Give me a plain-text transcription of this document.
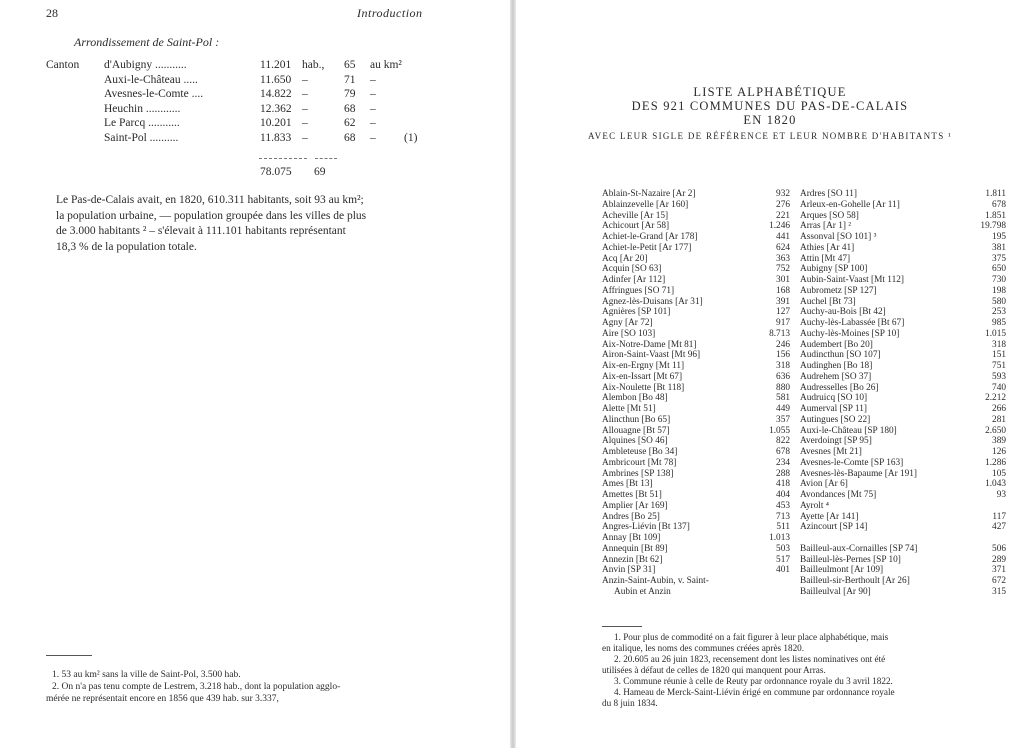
28	Introduction
Arrondissement de Saint-Pol :
Canton d'Aubigny ...........	11.201 hab., 65 au km²
Auxi-le-Château .....	11.650 –	71 –
Avesnes-le-Comte ....	14.822 –	79 –
Heuchin ............	12.362 –	68 –
Le Parcq ...........	10.201 –	62 –
Saint-Pol ..........	11.833 –	68 – (1)
78.075 69
Le Pas-de-Calais avait, en 1820, 610.311 habitants, soit 93 au km²;
la population urbaine, — population groupée dans les villes de plus
de 3.000 habitants ² – s'élevait à 111.101 habitants représentant
18,3 % de la population totale.
1. 53 au km² sans la ville de Saint-Pol, 3.500 hab.
2. On n'a pas tenu compte de Lestrem, 3.218 hab., dont la population agglo-
mérée ne représentait encore en 1856 que 439 hab. sur 3.337,
LISTE ALPHABÉTIQUE
DES 921 COMMUNES DU PAS-DE-CALAIS
EN 1820
AVEC LEUR SIGLE DE RÉFÉRENCE ET LEUR NOMBRE D'HABITANTS ¹
Ablain-St-Nazaire [Ar 2]	932
Ablainzevelle [Ar 160]	276
Acheville [Ar 15]	221
Achicourt [Ar 58]	1.246
Achiet-le-Grand [Ar 178]	441
Achiet-le-Petit [Ar 177]	624
Acq [Ar 20]	363
Acquin [SO 63]	752
Adinfer [Ar 112]	301
Affringues [SO 71]	168
Agnez-lès-Duisans [Ar 31]	391
Agnières [SP 101]	127
Agny [Ar 72]	917
Aire [SO 103]	8.713
Aix-Notre-Dame [Mt 81]	246
Airon-Saint-Vaast [Mt 96]	156
Aix-en-Ergny [Mt 11]	318
Aix-en-Issart [Mt 67]	636
Aix-Noulette [Bt 118]	880
Alembon [Bo 48]	581
Alette [Mt 51]	449
Alincthun [Bo 65]	357
Allouagne [Bt 57]	1.055
Alquines [SO 46]	822
Ambleteuse [Bo 34]	678
Ambricourt [Mt 78]	234
Ambrines [SP 138]	288
Ames [Bt 13]	418
Amettes [Bt 51]	404
Amplier [Ar 169]	453
Andres [Bo 25]	713
Angres-Liévin [Bt 137]	511
Annay [Bt 109]	1.013
Annequin [Bt 89]	503
Annezin [Bt 62]	517
Anvin [SP 31]	401
Anzin-Saint-Aubin, v. Saint-
Aubin et Anzin
Ardres [SO 11]	1.811
Arleux-en-Gohelle [Ar 11]	678
Arques [SO 58]	1.851
Arras [Ar 1] ²	19.798
Assonval [SO 101] ³	195
Athies [Ar 41]	381
Attin [Mt 47]	375
Aubigny [SP 100]	650
Aubin-Saint-Vaast [Mt 112]	730
Aubrometz [SP 127]	198
Auchel [Bt 73]	580
Auchy-au-Bois [Bt 42]	253
Auchy-lès-Labassée [Bt 67]	985
Auchy-lès-Moines [SP 10]	1.015
Audembert [Bo 20]	318
Audincthun [SO 107]	151
Audinghen [Bo 18]	751
Audrehem [SO 37]	593
Audresselles [Bo 26]	740
Audruicq [SO 10]	2.212
Aumerval [SP 11]	266
Autingues [SO 22]	281
Auxi-le-Château [SP 180]	2.650
Averdoingt [SP 95]	389
Avesnes [Mt 21]	126
Avesnes-le-Comte [SP 163]	1.286
Avesnes-lès-Bapaume [Ar 191]	105
Avion [Ar 6]	1.043
Avondances [Mt 75]	93
Ayrolt ⁴
Ayette [Ar 141]	117
Azincourt [SP 14]	427
Bailleul-aux-Cornailles [SP 74]	506
Bailleul-lès-Pernes [SP 10]	289
Bailleulmont [Ar 109]	371
Bailleul-sir-Berthoult [Ar 26]	672
Bailleulval [Ar 90]	315
1. Pour plus de commodité on a fait figurer à leur place alphabétique, mais
en italique, les noms des communes créées après 1820.
2. 20.605 au 26 juin 1823, recensement dont les listes nominatives ont été
utilisées à défaut de celles de 1820 qui manquent pour Arras.
3. Commune réunie à celle de Reuty par ordonnance royale du 3 avril 1822.
4. Hameau de Merck-Saint-Liévin érigé en commune par ordonnance royale
du 8 juin 1834.
